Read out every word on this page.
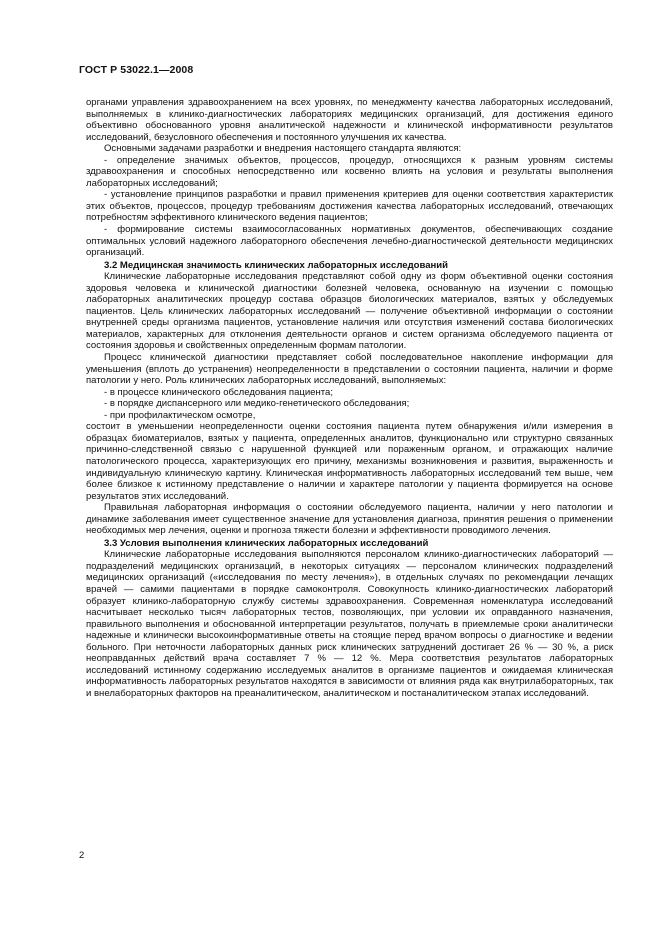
ГОСТ Р 53022.1—2008

органами управления здравоохранением на всех уровнях, по менеджменту качества лабораторных исследований, выполняемых в клинико-диагностических лабораториях медицинских организаций, для достижения единого объективно обоснованного уровня аналитической надежности и клинической информативности результатов исследований, безусловного обеспечения и постоянного улучшения их качества.

Основными задачами разработки и внедрения настоящего стандарта являются:

- определение значимых объектов, процессов, процедур, относящихся к разным уровням системы здравоохранения и способных непосредственно или косвенно влиять на условия и результаты выполнения лабораторных исследований;

- установление принципов разработки и правил применения критериев для оценки соответствия характеристик этих объектов, процессов, процедур требованиям достижения качества лабораторных исследований, отвечающих потребностям эффективного клинического ведения пациентов;

- формирование системы взаимосогласованных нормативных документов, обеспечивающих создание оптимальных условий надежного лабораторного обеспечения лечебно-диагностической деятельности медицинских организаций.

3.2 Медицинская значимость клинических лабораторных исследований

Клинические лабораторные исследования представляют собой одну из форм объективной оценки состояния здоровья человека и клинической диагностики болезней человека, основанную на изучении с помощью лабораторных аналитических процедур состава образцов биологических материалов, взятых у обследуемых пациентов. Цель клинических лабораторных исследований — получение объективной информации о состоянии внутренней среды организма пациентов, установление наличия или отсутствия изменений состава биологических материалов, характерных для отклонения деятельности органов и систем организма обследуемого пациента от состояния здоровья и свойственных определенным формам патологии.

Процесс клинической диагностики представляет собой последовательное накопление информации для уменьшения (вплоть до устранения) неопределенности в представлении о состоянии пациента, наличии и форме патологии у него. Роль клинических лабораторных исследований, выполняемых:

- в процессе клинического обследования пациента;

- в порядке диспансерного или медико-генетического обследования;

- при профилактическом осмотре,

состоит в уменьшении неопределенности оценки состояния пациента путем обнаружения и/или измерения в образцах биоматериалов, взятых у пациента, определенных аналитов, функционально или структурно связанных причинно-следственной связью с нарушенной функцией или пораженным органом, и отражающих наличие патологического процесса, характеризующих его причину, механизмы возникновения и развития, выраженность и индивидуальную клиническую картину. Клиническая информативность лабораторных исследований тем выше, чем более близкое к истинному представление о наличии и характере патологии у пациента формируется на основе результатов этих исследований.

Правильная лабораторная информация о состоянии обследуемого пациента, наличии у него патологии и динамике заболевания имеет существенное значение для установления диагноза, принятия решения о применении необходимых мер лечения, оценки и прогноза тяжести болезни и эффективности проводимого лечения.

3.3 Условия выполнения клинических лабораторных исследований

Клинические лабораторные исследования выполняются персоналом клинико-диагностических лабораторий — подразделений медицинских организаций, в некоторых ситуациях — персоналом клинических подразделений медицинских организаций («исследования по месту лечения»), в отдельных случаях по рекомендации лечащих врачей — самими пациентами в порядке самоконтроля. Совокупность клинико-диагностических лабораторий образует клинико-лабораторную службу системы здравоохранения. Современная номенклатура исследований насчитывает несколько тысяч лабораторных тестов, позволяющих, при условии их оправданного назначения, правильного выполнения и обоснованной интерпретации результатов, получать в приемлемые сроки аналитически надежные и клинически высокоинформативные ответы на стоящие перед врачом вопросы о диагностике и ведении больного. При неточности лабораторных данных риск клинических затруднений достигает 26 % — 30 %, а риск неоправданных действий врача составляет 7 % — 12 %. Мера соответствия результатов лабораторных исследований истинному содержанию исследуемых аналитов в организме пациентов и ожидаемая клиническая информативность лабораторных результатов находятся в зависимости от влияния ряда как внутрилабораторных, так и внелабораторных факторов на преаналитическом, аналитическом и постаналитическом этапах исследований.

2
